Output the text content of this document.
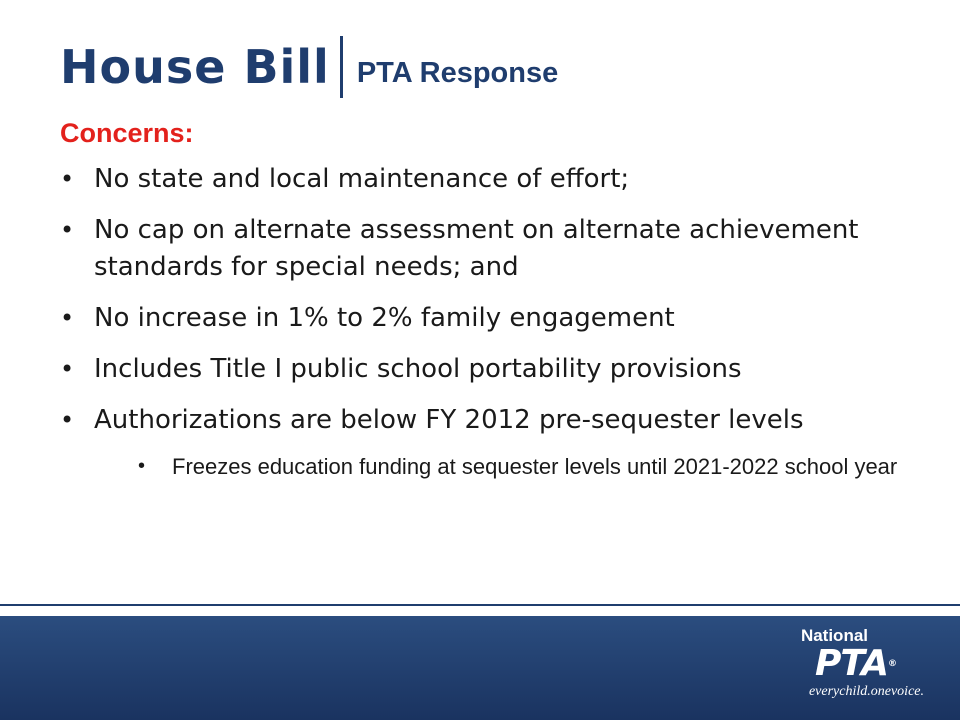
House Bill PTA Response
Concerns:
• No state and local maintenance of effort;
• No cap on alternate assessment on alternate achievement standards for special needs; and
• No increase in 1% to 2% family engagement
• Includes Title I public school portability provisions
• Authorizations are below FY 2012 pre-sequester levels
• Freezes education funding at sequester levels until 2021-2022 school year
National
PTA®
everychild.onevoice.
